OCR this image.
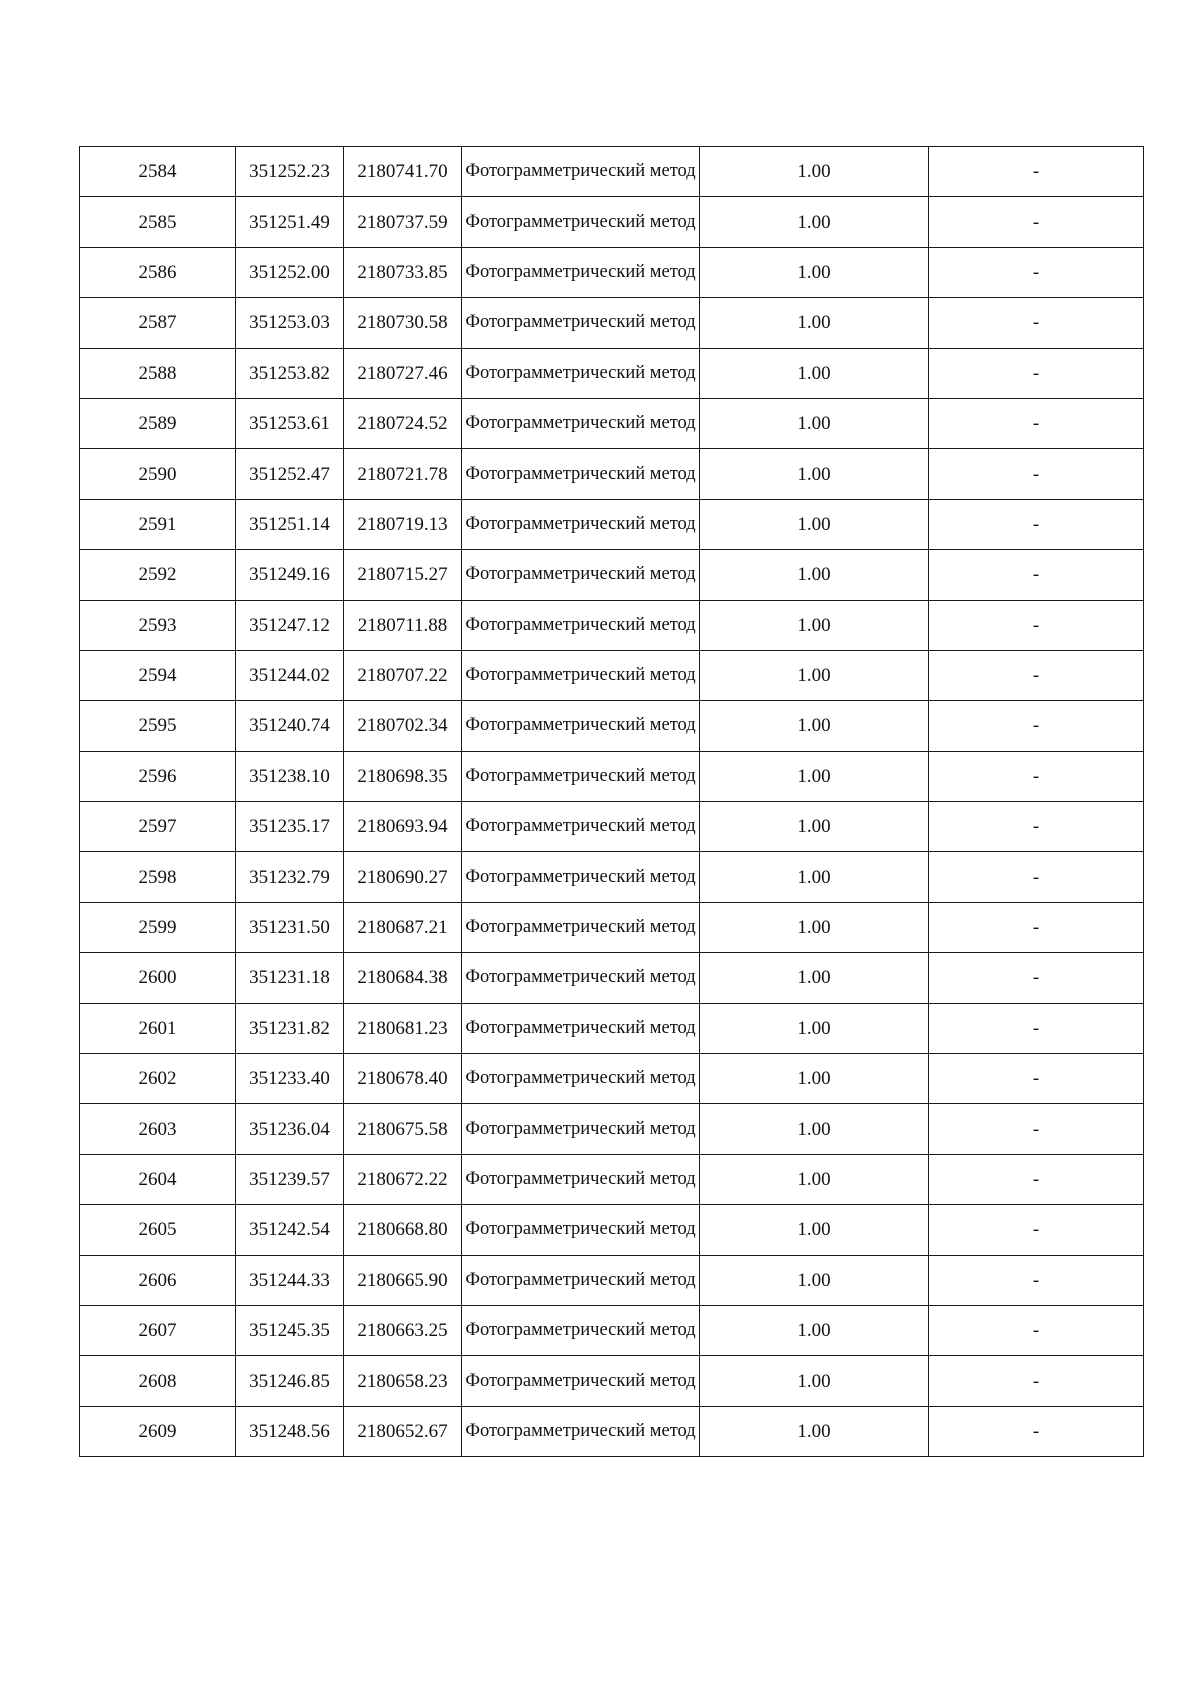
2584	351252.23	2180741.70	Фотограмметрический метод	1.00	-
2585	351251.49	2180737.59	Фотограмметрический метод	1.00	-
2586	351252.00	2180733.85	Фотограмметрический метод	1.00	-
2587	351253.03	2180730.58	Фотограмметрический метод	1.00	-
2588	351253.82	2180727.46	Фотограмметрический метод	1.00	-
2589	351253.61	2180724.52	Фотограмметрический метод	1.00	-
2590	351252.47	2180721.78	Фотограмметрический метод	1.00	-
2591	351251.14	2180719.13	Фотограмметрический метод	1.00	-
2592	351249.16	2180715.27	Фотограмметрический метод	1.00	-
2593	351247.12	2180711.88	Фотограмметрический метод	1.00	-
2594	351244.02	2180707.22	Фотограмметрический метод	1.00	-
2595	351240.74	2180702.34	Фотограмметрический метод	1.00	-
2596	351238.10	2180698.35	Фотограмметрический метод	1.00	-
2597	351235.17	2180693.94	Фотограмметрический метод	1.00	-
2598	351232.79	2180690.27	Фотограмметрический метод	1.00	-
2599	351231.50	2180687.21	Фотограмметрический метод	1.00	-
2600	351231.18	2180684.38	Фотограмметрический метод	1.00	-
2601	351231.82	2180681.23	Фотограмметрический метод	1.00	-
2602	351233.40	2180678.40	Фотограмметрический метод	1.00	-
2603	351236.04	2180675.58	Фотограмметрический метод	1.00	-
2604	351239.57	2180672.22	Фотограмметрический метод	1.00	-
2605	351242.54	2180668.80	Фотограмметрический метод	1.00	-
2606	351244.33	2180665.90	Фотограмметрический метод	1.00	-
2607	351245.35	2180663.25	Фотограмметрический метод	1.00	-
2608	351246.85	2180658.23	Фотограмметрический метод	1.00	-
2609	351248.56	2180652.67	Фотограмметрический метод	1.00	-
